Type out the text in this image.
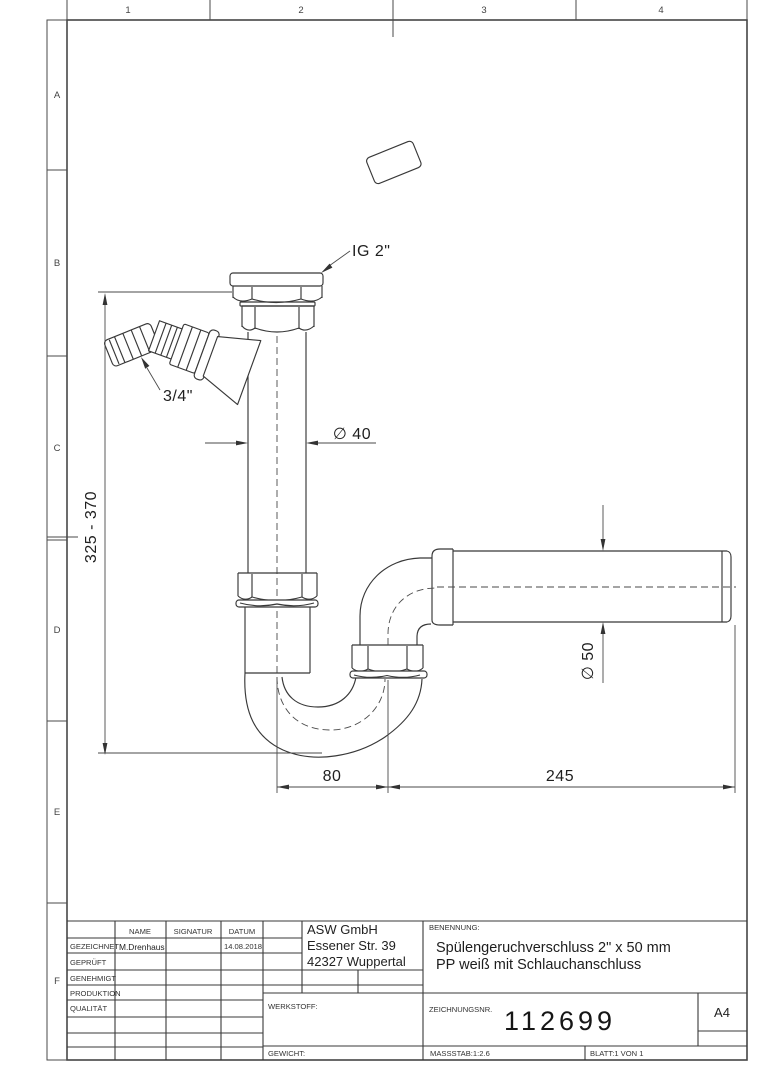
1	2	3	4
A
B
C
D
E
F
325 - 370
∅ 40
∅ 50
80	245
IG 2"
3/4"
NAME	SIGNATUR DATUM
GEZEICHNET M.Drenhaus	14.08.2018
GEPRÜFT
GENEHMIGT
PRODUKTION
QUALITÄT
ASW GmbH
Essener Str. 39
42327 Wuppertal
BENENNUNG:
Spülengeruchverschluss 2" x 50 mm
PP weiß mit Schlauchanschluss
WERKSTOFF:
GEWICHT:
ZEICHNUNGSNR. 112699	A4
MASSSTAB:1:2.6	BLATT:1 VON 1
